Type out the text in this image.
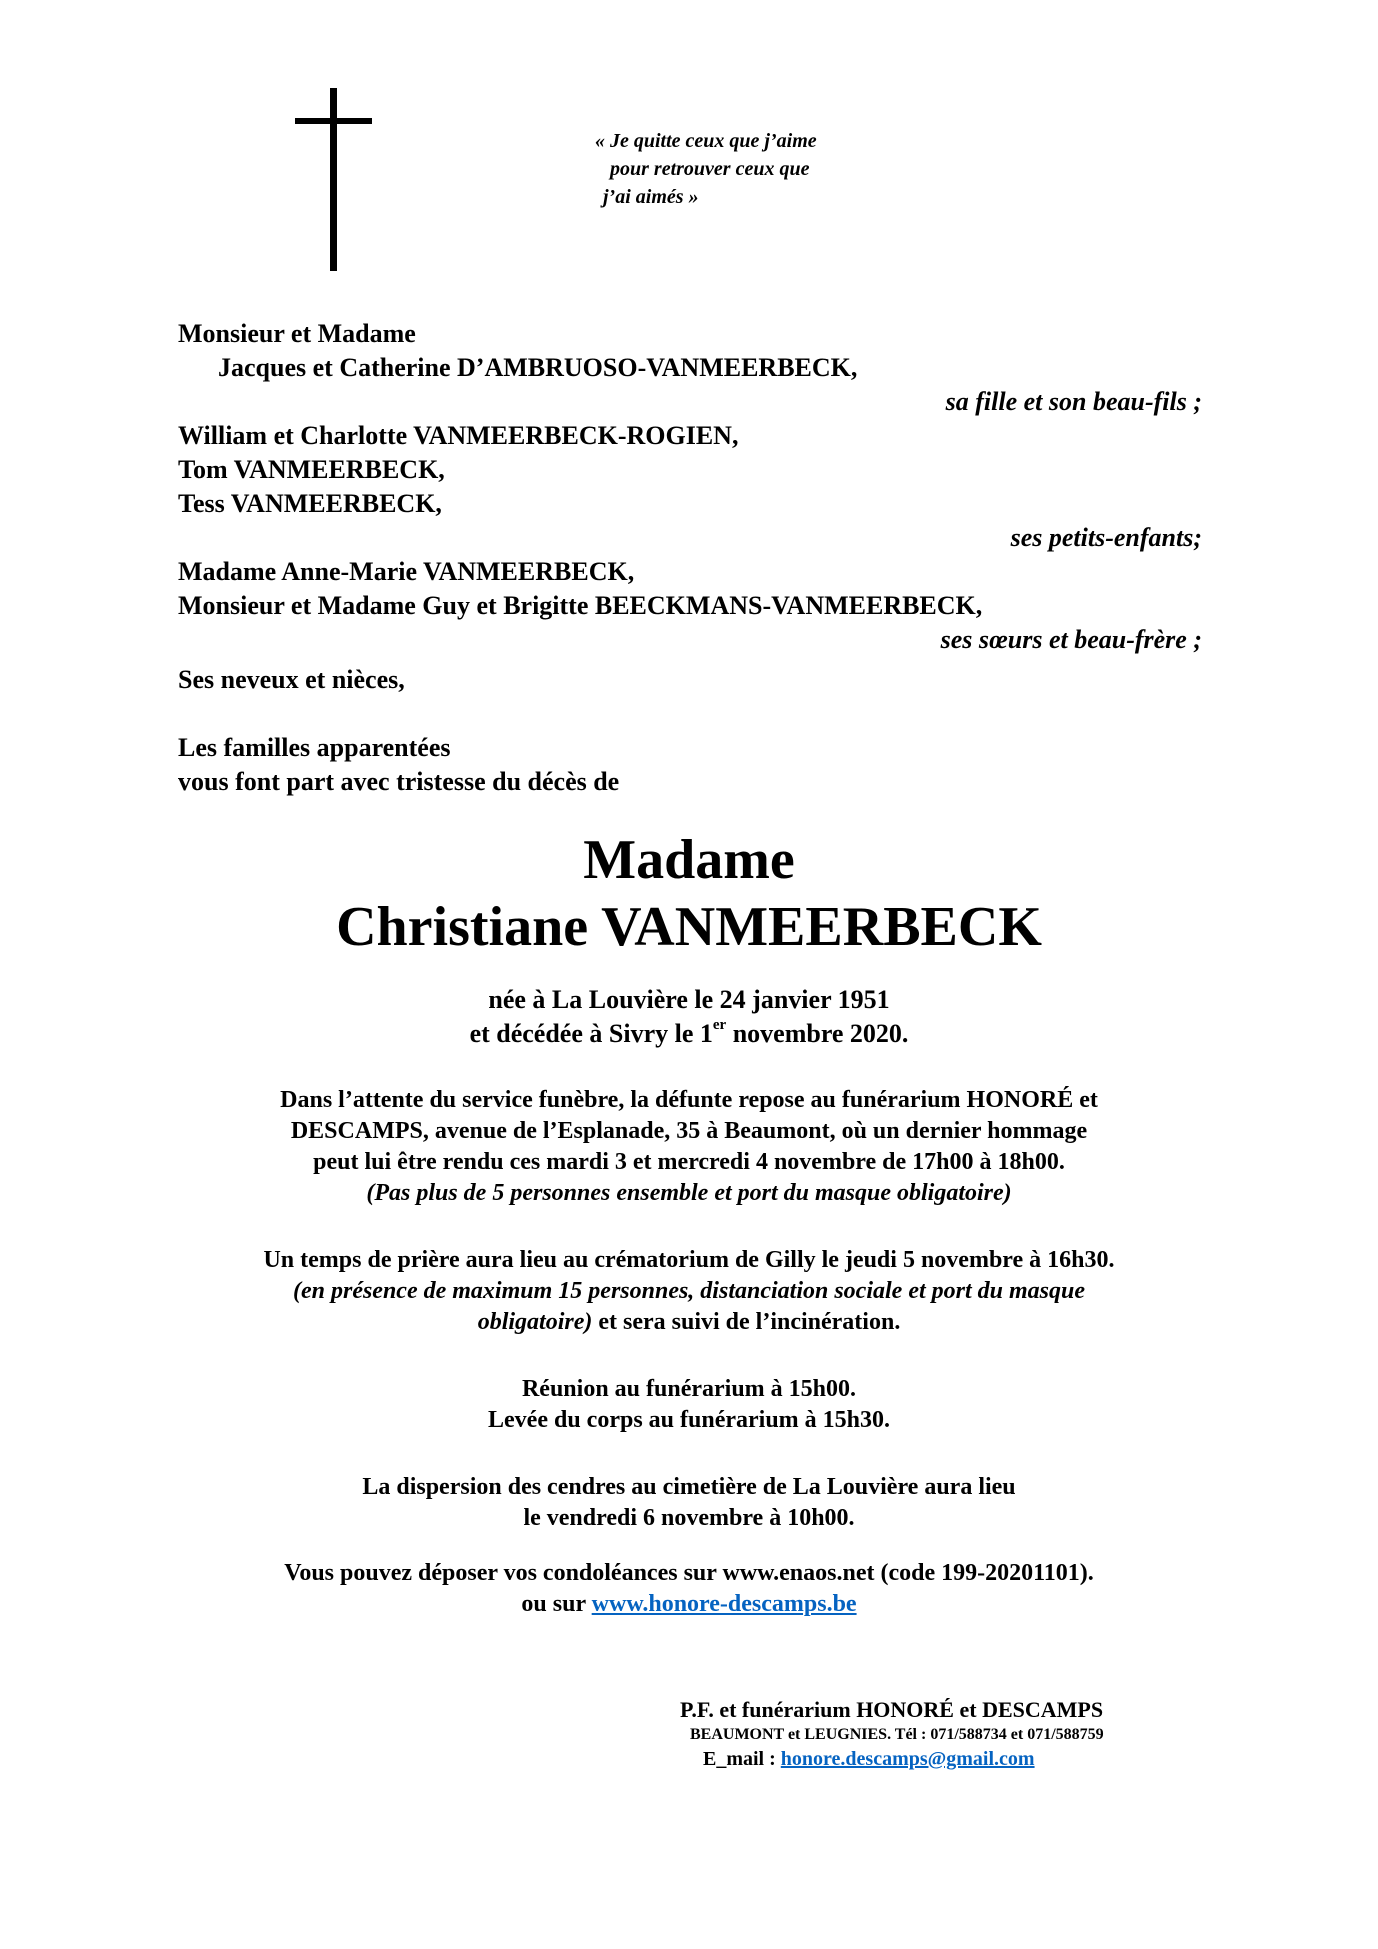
« Je quitte ceux que j’aime
pour retrouver ceux que
j’ai aimés »
Monsieur et Madame
Jacques et Catherine D’AMBRUOSO-VANMEERBECK,
sa fille et son beau-fils ;
William et Charlotte VANMEERBECK-ROGIEN,
Tom VANMEERBECK,
Tess VANMEERBECK,
ses petits-enfants;
Madame Anne-Marie VANMEERBECK,
Monsieur et Madame Guy et Brigitte BEECKMANS-VANMEERBECK,
ses sœurs et beau-frère ;
Ses neveux et nièces,
Les familles apparentées
vous font part avec tristesse du décès de
Madame
Christiane VANMEERBECK
née à La Louvière le 24 janvier 1951
et décédée à Sivry le 1er novembre 2020.
Dans l’attente du service funèbre, la défunte repose au funérarium HONORÉ et
DESCAMPS, avenue de l’Esplanade, 35 à Beaumont, où un dernier hommage
peut lui être rendu ces mardi 3 et mercredi 4 novembre de 17h00 à 18h00.
(Pas plus de 5 personnes ensemble et port du masque obligatoire)
Un temps de prière aura lieu au crématorium de Gilly le jeudi 5 novembre à 16h30.
(en présence de maximum 15 personnes, distanciation sociale et port du masque
obligatoire) et sera suivi de l’incinération.
Réunion au funérarium à 15h00.
Levée du corps au funérarium à 15h30.
La dispersion des cendres au cimetière de La Louvière aura lieu
le vendredi 6 novembre à 10h00.
Vous pouvez déposer vos condoléances sur www.enaos.net (code 199-20201101).
ou sur www.honore-descamps.be
P.F. et funérarium HONORÉ et DESCAMPS
BEAUMONT et LEUGNIES. Tél : 071/588734 et 071/588759
E_mail : honore.descamps@gmail.com
